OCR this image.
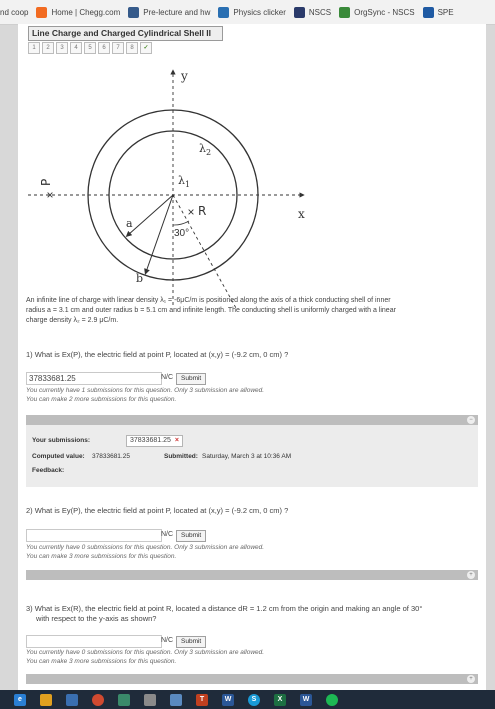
nd coop	Home | Chegg.com	Pre-lecture and hw	Physics clicker	NSCS	OrgSync - NSCS	SPE
Line Charge and Charged Cylindrical Shell II
1	2	3	4	5	6	7	8	✓
×
×
y
x
$\lambda_2$
$\lambda_1$
P
R
a
b
30°
An infinite line of charge with linear density λ₁ = -6μC/m is positioned along the axis of a thick conducting shell of inner
radius a = 3.1 cm and outer radius b = 5.1 cm and infinite length. The conducting shell is uniformly charged with a linear
charge density λ₂ = 2.9 μC/m.
1) What is Ex(P), the electric field at point P, located at (x,y) = (-9.2 cm, 0 cm) ?
37833681.25	N/C	Submit
You currently have 1 submissions for this question. Only 3 submission are allowed.
You can make 2 more submissions for this question.
−
Your submissions:	37833681.25 ×
Computed value: 37833681.25	Submitted: Saturday, March 3 at 10:36 AM
Feedback:
2) What is Ey(P), the electric field at point P, located at (x,y) = (-9.2 cm, 0 cm) ?
N/C	Submit
You currently have 0 submissions for this question. Only 3 submission are allowed.
You can make 3 more submissions for this question.
+
3) What is Ex(R), the electric field at point R, located a distance dR = 1.2 cm from the origin and making an angle of 30°
with respect to the y-axis as shown?
N/C	Submit
You currently have 0 submissions for this question. Only 3 submission are allowed.
You can make 3 more submissions for this question.
+
e	T	W	S	X	W
